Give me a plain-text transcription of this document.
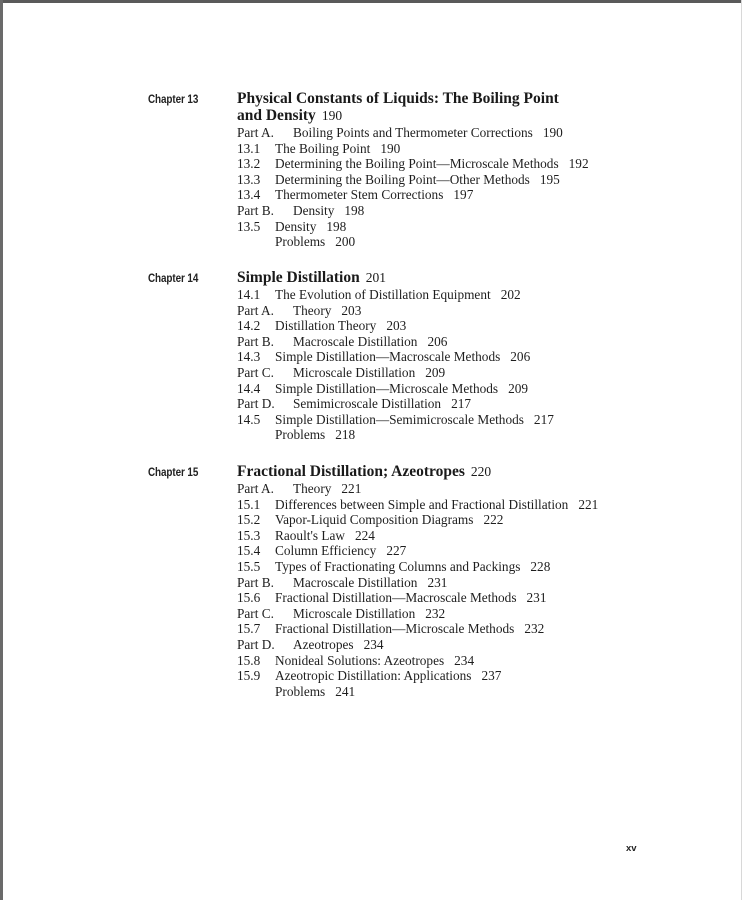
Chapter 13 Physical Constants of Liquids: The Boiling Point
and Density 190
Part A. Boiling Points and Thermometer Corrections 190
13.1 The Boiling Point 190
13.2 Determining the Boiling Point—Microscale Methods 192
13.3 Determining the Boiling Point—Other Methods 195
13.4 Thermometer Stem Corrections 197
Part B. Density 198
13.5 Density 198
Problems 200
Chapter 14 Simple Distillation 201
14.1 The Evolution of Distillation Equipment 202
Part A. Theory 203
14.2 Distillation Theory 203
Part B. Macroscale Distillation 206
14.3 Simple Distillation—Macroscale Methods 206
Part C. Microscale Distillation 209
14.4 Simple Distillation—Microscale Methods 209
Part D. Semimicroscale Distillation 217
14.5 Simple Distillation—Semimicroscale Methods 217
Problems 218
Chapter 15 Fractional Distillation; Azeotropes 220
Part A. Theory 221
15.1 Differences between Simple and Fractional Distillation 221
15.2 Vapor-Liquid Composition Diagrams 222
15.3 Raoult's Law 224
15.4 Column Efficiency 227
15.5 Types of Fractionating Columns and Packings 228
Part B. Macroscale Distillation 231
15.6 Fractional Distillation—Macroscale Methods 231
Part C. Microscale Distillation 232
15.7 Fractional Distillation—Microscale Methods 232
Part D. Azeotropes 234
15.8 Nonideal Solutions: Azeotropes 234
15.9 Azeotropic Distillation: Applications 237
Problems 241
xv
